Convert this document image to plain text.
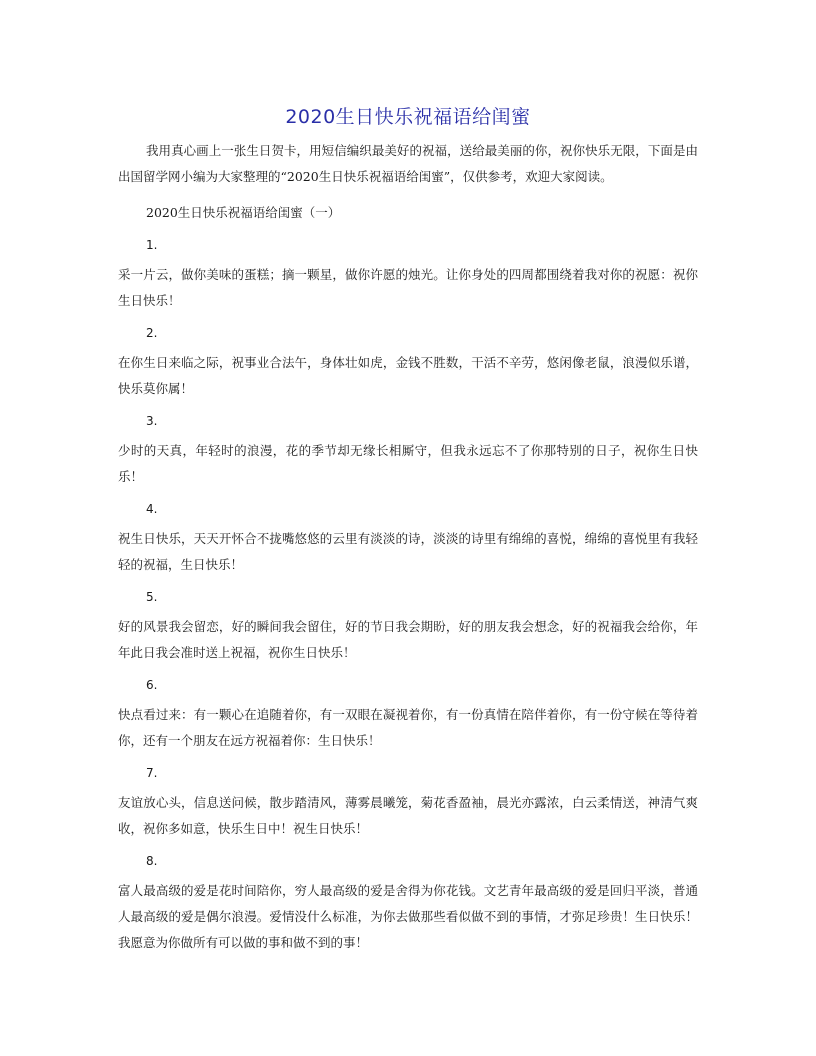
2020生日快乐祝福语给闺蜜

我用真心画上一张生日贺卡，用短信编织最美好的祝福，送给最美丽的你，祝你快乐无限，下面是由出国留学网小编为大家整理的“2020生日快乐祝福语给闺蜜”，仅供参考，欢迎大家阅读。

2020生日快乐祝福语给闺蜜（一）

1.

采一片云，做你美味的蛋糕；摘一颗星，做你许愿的烛光。让你身处的四周都围绕着我对你的祝愿：祝你生日快乐！

2.

在你生日来临之际，祝事业合法午，身体壮如虎，金钱不胜数，干活不辛劳，悠闲像老鼠，浪漫似乐谱，快乐莫你属！

3.

少时的天真，年轻时的浪漫，花的季节却无缘长相厮守，但我永远忘不了你那特别的日子，祝你生日快乐！

4.

祝生日快乐，天天开怀合不拢嘴悠悠的云里有淡淡的诗，淡淡的诗里有绵绵的喜悦，绵绵的喜悦里有我轻轻的祝福，生日快乐！

5.

好的风景我会留恋，好的瞬间我会留住，好的节日我会期盼，好的朋友我会想念，好的祝福我会给你，年年此日我会准时送上祝福，祝你生日快乐！

6.

快点看过来：有一颗心在追随着你，有一双眼在凝视着你，有一份真情在陪伴着你，有一份守候在等待着你，还有一个朋友在远方祝福着你：生日快乐！

7.

友谊放心头，信息送问候，散步踏清风，薄雾晨曦笼，菊花香盈袖，晨光亦露浓，白云柔情送，神清气爽收，祝你多如意，快乐生日中！祝生日快乐！

8.

富人最高级的爱是花时间陪你，穷人最高级的爱是舍得为你花钱。文艺青年最高级的爱是回归平淡，普通人最高级的爱是偶尔浪漫。爱情没什么标准，为你去做那些看似做不到的事情，才弥足珍贵！生日快乐！我愿意为你做所有可以做的事和做不到的事！
